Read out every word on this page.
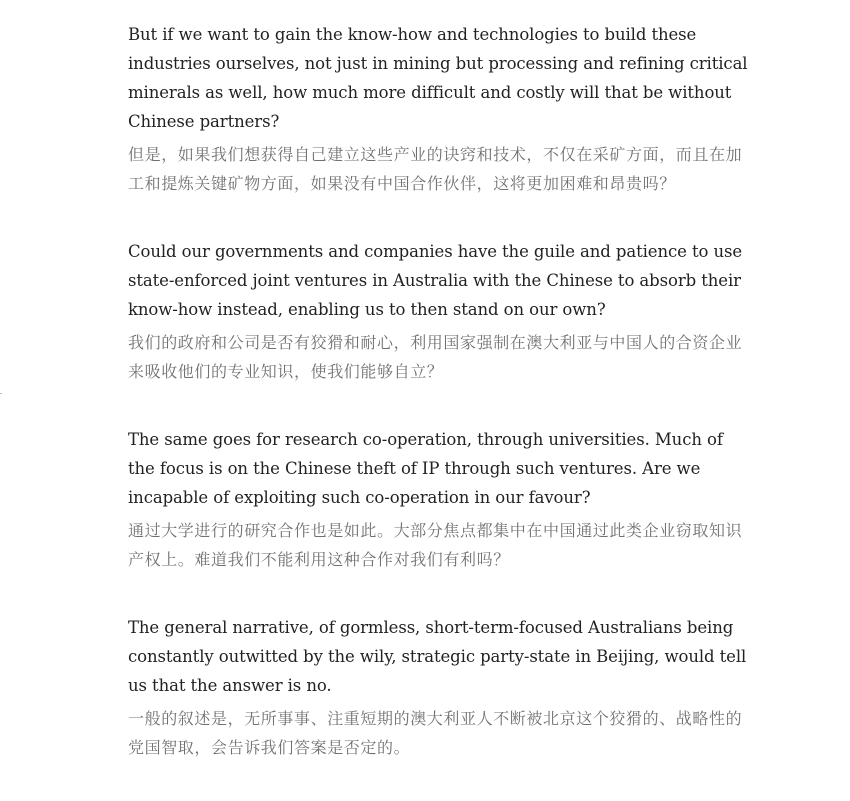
But if we want to gain the know-how and technologies to build these industries ourselves, not just in mining but processing and refining critical minerals as well, how much more difficult and costly will that be without Chinese partners?

但是，如果我们想获得自己建立这些产业的诀窍和技术，不仅在采矿方面，而且在加工和提炼关键矿物方面，如果没有中国合作伙伴，这将更加困难和昂贵吗？

Could our governments and companies have the guile and patience to use state-enforced joint ventures in Australia with the Chinese to absorb their know-how instead, enabling us to then stand on our own?

我们的政府和公司是否有狡猾和耐心，利用国家强制在澳大利亚与中国人的合资企业来吸收他们的专业知识，使我们能够自立？

The same goes for research co-operation, through universities. Much of the focus is on the Chinese theft of IP through such ventures. Are we incapable of exploiting such co-operation in our favour?

通过大学进行的研究合作也是如此。大部分焦点都集中在中国通过此类企业窃取知识产权上。难道我们不能利用这种合作对我们有利吗？

The general narrative, of gormless, short-term-focused Australians being constantly outwitted by the wily, strategic party-state in Beijing, would tell us that the answer is no.

一般的叙述是，无所事事、注重短期的澳大利亚人不断被北京这个狡猾的、战略性的党国智取，会告诉我们答案是否定的。
